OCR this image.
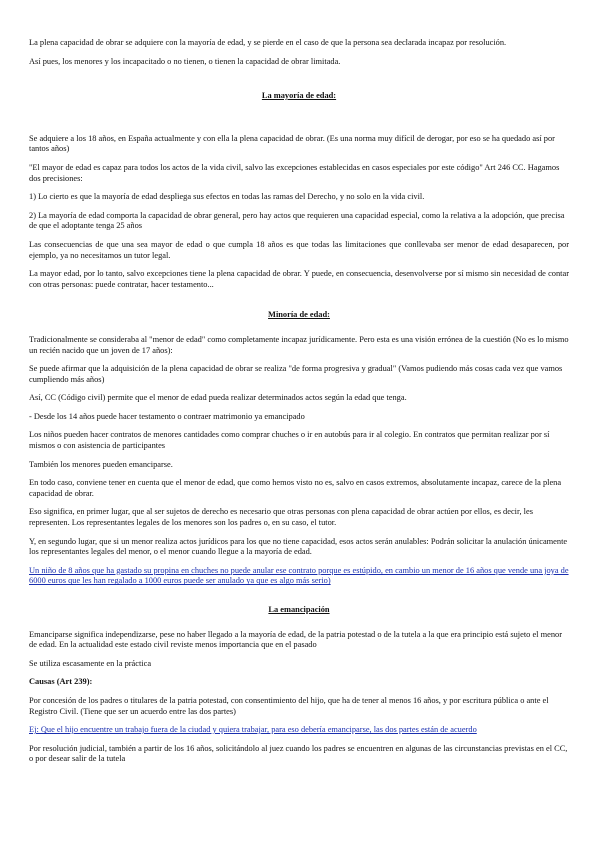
La plena capacidad de obrar se adquiere con la mayoría de edad, y se pierde en el caso de que la persona sea declarada incapaz por resolución.

Así pues, los menores y los incapacitado o no tienen, o tienen la capacidad de obrar limitada.

La mayoría de edad:

Se adquiere a los 18 años, en España actualmente y con ella la plena capacidad de obrar. (Es una norma muy difícil de derogar, por eso se ha quedado así por tantos años)

"El mayor de edad es capaz para todos los actos de la vida civil, salvo las excepciones establecidas en casos especiales por este código" Art 246 CC. Hagamos dos precisiones:

1) Lo cierto es que la mayoría de edad despliega sus efectos en todas las ramas del Derecho, y no solo en la vida civil.

2) La mayoría de edad comporta la capacidad de obrar general, pero hay actos que requieren una capacidad especial, como la relativa a la adopción, que precisa de que el adoptante tenga 25 años

Las consecuencias de que una sea mayor de edad o que cumpla 18 años es que todas las limitaciones que conllevaba ser menor de edad desaparecen, por ejemplo, ya no necesitamos un tutor legal.

La mayor edad, por lo tanto, salvo excepciones tiene la plena capacidad de obrar. Y puede, en consecuencia, desenvolverse por sí mismo sin necesidad de contar con otras personas: puede contratar, hacer testamento...

Minoría de edad:

Tradicionalmente se consideraba al "menor de edad" como completamente incapaz jurídicamente. Pero esta es una visión errónea de la cuestión (No es lo mismo un recién nacido que un joven de 17 años):

Se puede afirmar que la adquisición de la plena capacidad de obrar se realiza "de forma progresiva y gradual" (Vamos pudiendo más cosas cada vez que vamos cumpliendo más años)

Así, CC (Código civil) permite que el menor de edad pueda realizar determinados actos según la edad que tenga.

- Desde los 14 años puede hacer testamento o contraer matrimonio ya emancipado

Los niños pueden hacer contratos de menores cantidades como comprar chuches o ir en autobús para ir al colegio. En contratos que permitan realizar por sí mismos o con asistencia de participantes

También los menores pueden emanciparse.

En todo caso, conviene tener en cuenta que el menor de edad, que como hemos visto no es, salvo en casos extremos, absolutamente incapaz, carece de la plena capacidad de obrar.

Eso significa, en primer lugar, que al ser sujetos de derecho es necesario que otras personas con plena capacidad de obrar actúen por ellos, es decir, les representen. Los representantes legales de los menores son los padres o, en su caso, el tutor.

Y, en segundo lugar, que si un menor realiza actos jurídicos para los que no tiene capacidad, esos actos serán anulables: Podrán solicitar la anulación únicamente los representantes legales del menor, o el menor cuando llegue a la mayoría de edad.

Un niño de 8 años que ha gastado su propina en chuches no puede anular ese contrato porque es estúpido, en cambio un menor de 16 años que vende una joya de 6000 euros que les han regalado a 1000 euros puede ser anulado ya que es algo más serio)

La emancipación

Emanciparse significa independizarse, pese no haber llegado a la mayoría de edad, de la patria potestad o de la tutela a la que era principio está sujeto el menor de edad. En la actualidad este estado civil reviste menos importancia que en el pasado

Se utiliza escasamente en la práctica

Causas (Art 239):

Por concesión de los padres o titulares de la patria potestad, con consentimiento del hijo, que ha de tener al menos 16 años, y por escritura pública o ante el Registro Civil. (Tiene que ser un acuerdo entre las dos partes)

Ej: Que el hijo encuentre un trabajo fuera de la ciudad y quiera trabajar, para eso debería emanciparse, las dos partes están de acuerdo

Por resolución judicial, también a partir de los 16 años, solicitándolo al juez cuando los padres se encuentren en algunas de las circunstancias previstas en el CC, o por desear salir de la tutela
